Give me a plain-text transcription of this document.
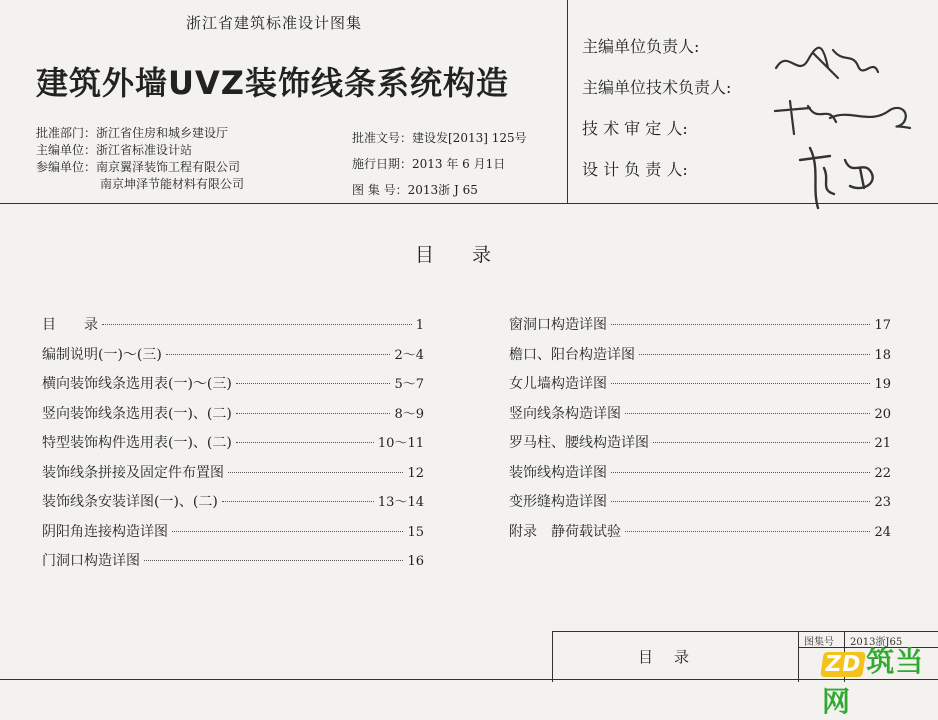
浙江省建筑标准设计图集
建筑外墙UVZ装饰线条系统构造
批准部门：浙江省住房和城乡建设厅
主编单位：浙江省标准设计站
参编单位：南京翼泽装饰工程有限公司
南京坤泽节能材料有限公司
批准文号：建设发[2013] 125号
施行日期：2013 年 6 月1日
图 集 号：2013浙 J 65
主编单位负责人:
主编单位技术负责人:
技 术 审 定 人:
设 计 负 责 人:
目　　录
目　　录	1
编制说明(一)～(三)	2～4
横向装饰线条选用表(一)～(三)	5～7
竖向装饰线条选用表(一)、(二)	8～9
特型装饰构件选用表(一)、(二)	10～11
装饰线条拼接及固定件布置图	12
装饰线条安装详图(一)、(二)	13～14
阴阳角连接构造详图	15
门洞口构造详图	16
窗洞口构造详图	17
檐口、阳台构造详图	18
女儿墙构造详图	19
竖向线条构造详图	20
罗马柱、腰线构造详图	21
装饰线构造详图	22
变形缝构造详图	23
附录　静荷载试验	24
图集号 2013浙J65
目　录	ZD 筑当网
